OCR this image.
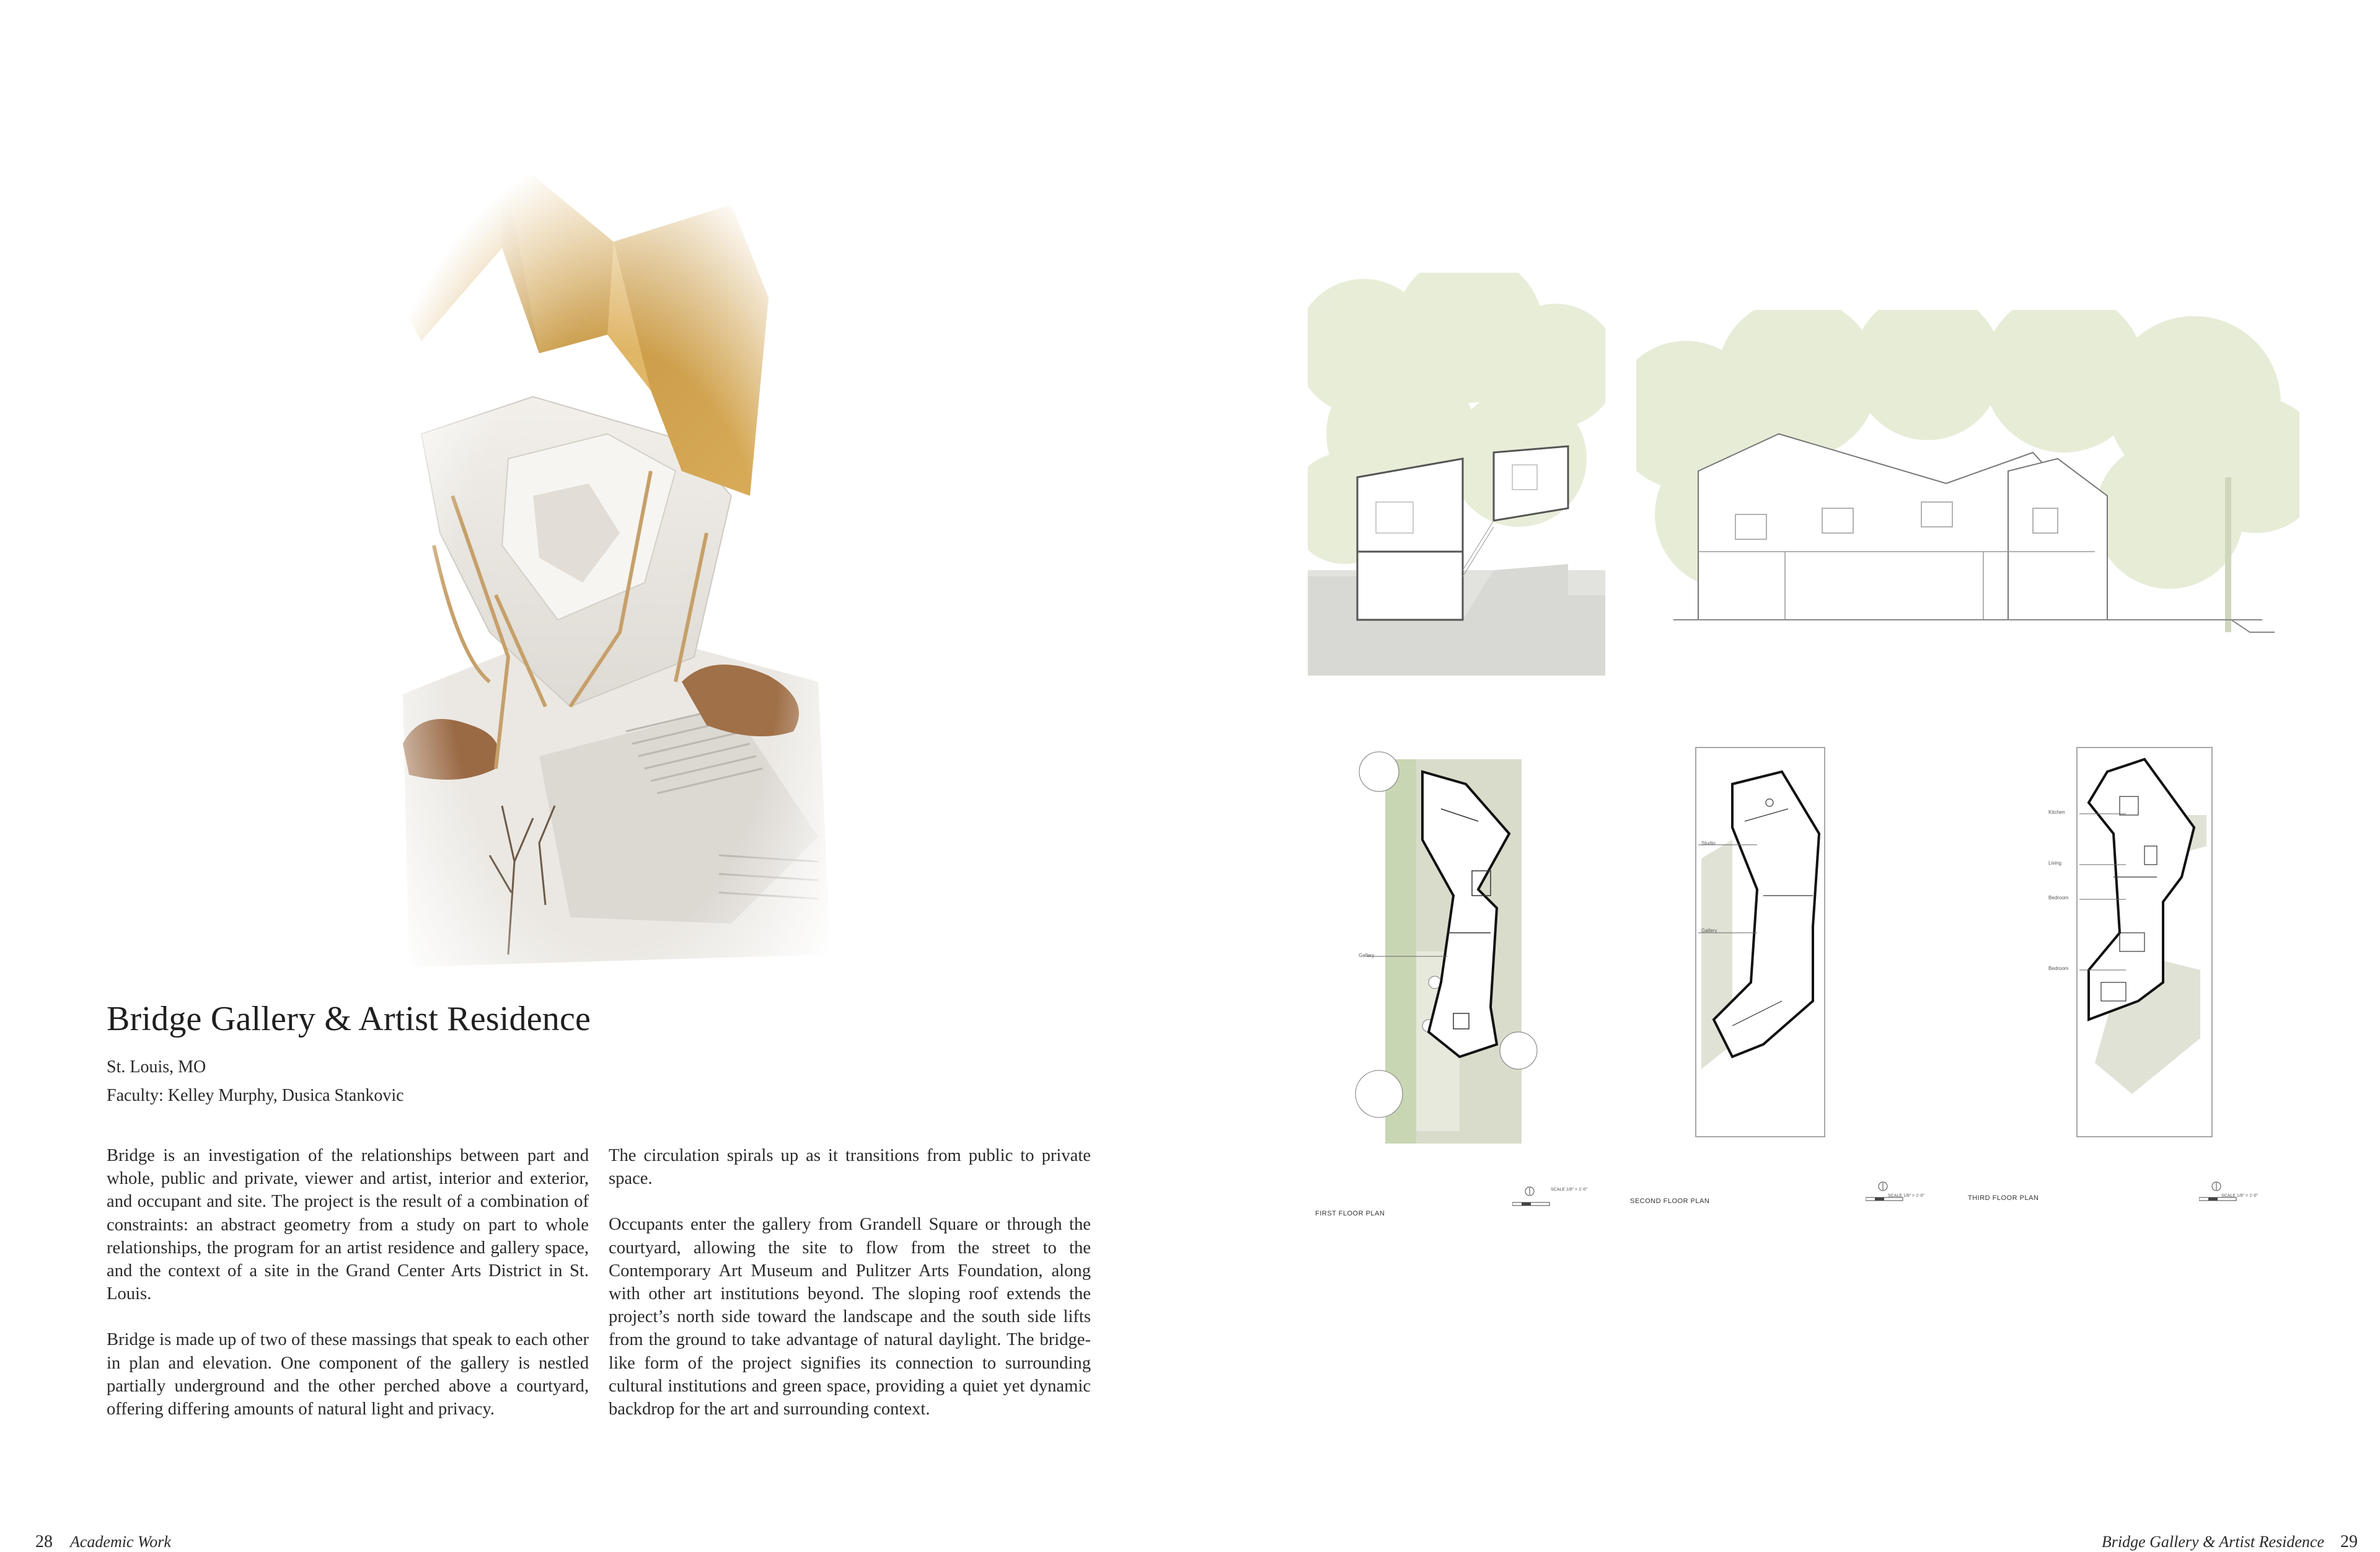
Bridge Gallery & Artist Residence
St. Louis, MO
Faculty: Kelley Murphy, Dusica Stankovic

Bridge is an investigation of the relationships between part and whole, public and private, viewer and artist, interior and exterior, and occupant and site. The project is the result of a combination of constraints: an abstract geometry from a study on part to whole relationships, the program for an artist residence and gallery space, and the context of a site in the Grand Center Arts District in St. Louis.

Bridge is made up of two of these massings that speak to each other in plan and elevation. One component of the gallery is nestled partially underground and the other perched above a courtyard, offering differing amounts of natural light and privacy.

The circulation spirals up as it transitions from public to private space.

Occupants enter the gallery from Grandell Square or through the courtyard, allowing the site to flow from the street to the Contemporary Art Museum and Pulitzer Arts Foundation, along with other art institutions beyond. The sloping roof extends the project’s north side toward the landscape and the south side lifts from the ground to take advantage of natural daylight. The bridge-like form of the project signifies its connection to surrounding cultural institutions and green space, providing a quiet yet dynamic backdrop for the art and surrounding context.

28 Academic Work
Gallery
Studio
Gallery
Kitchen
Living
Bedroom
Bedroom
FIRST FLOOR PLAN
SECOND FLOOR PLAN	THIRD FLOOR PLAN
SCALE 1/8" = 1'-0"
SCALE 1/8" = 1'-0"	SCALE 1/8" = 1'-0"
Bridge Gallery & Artist Residence 29
